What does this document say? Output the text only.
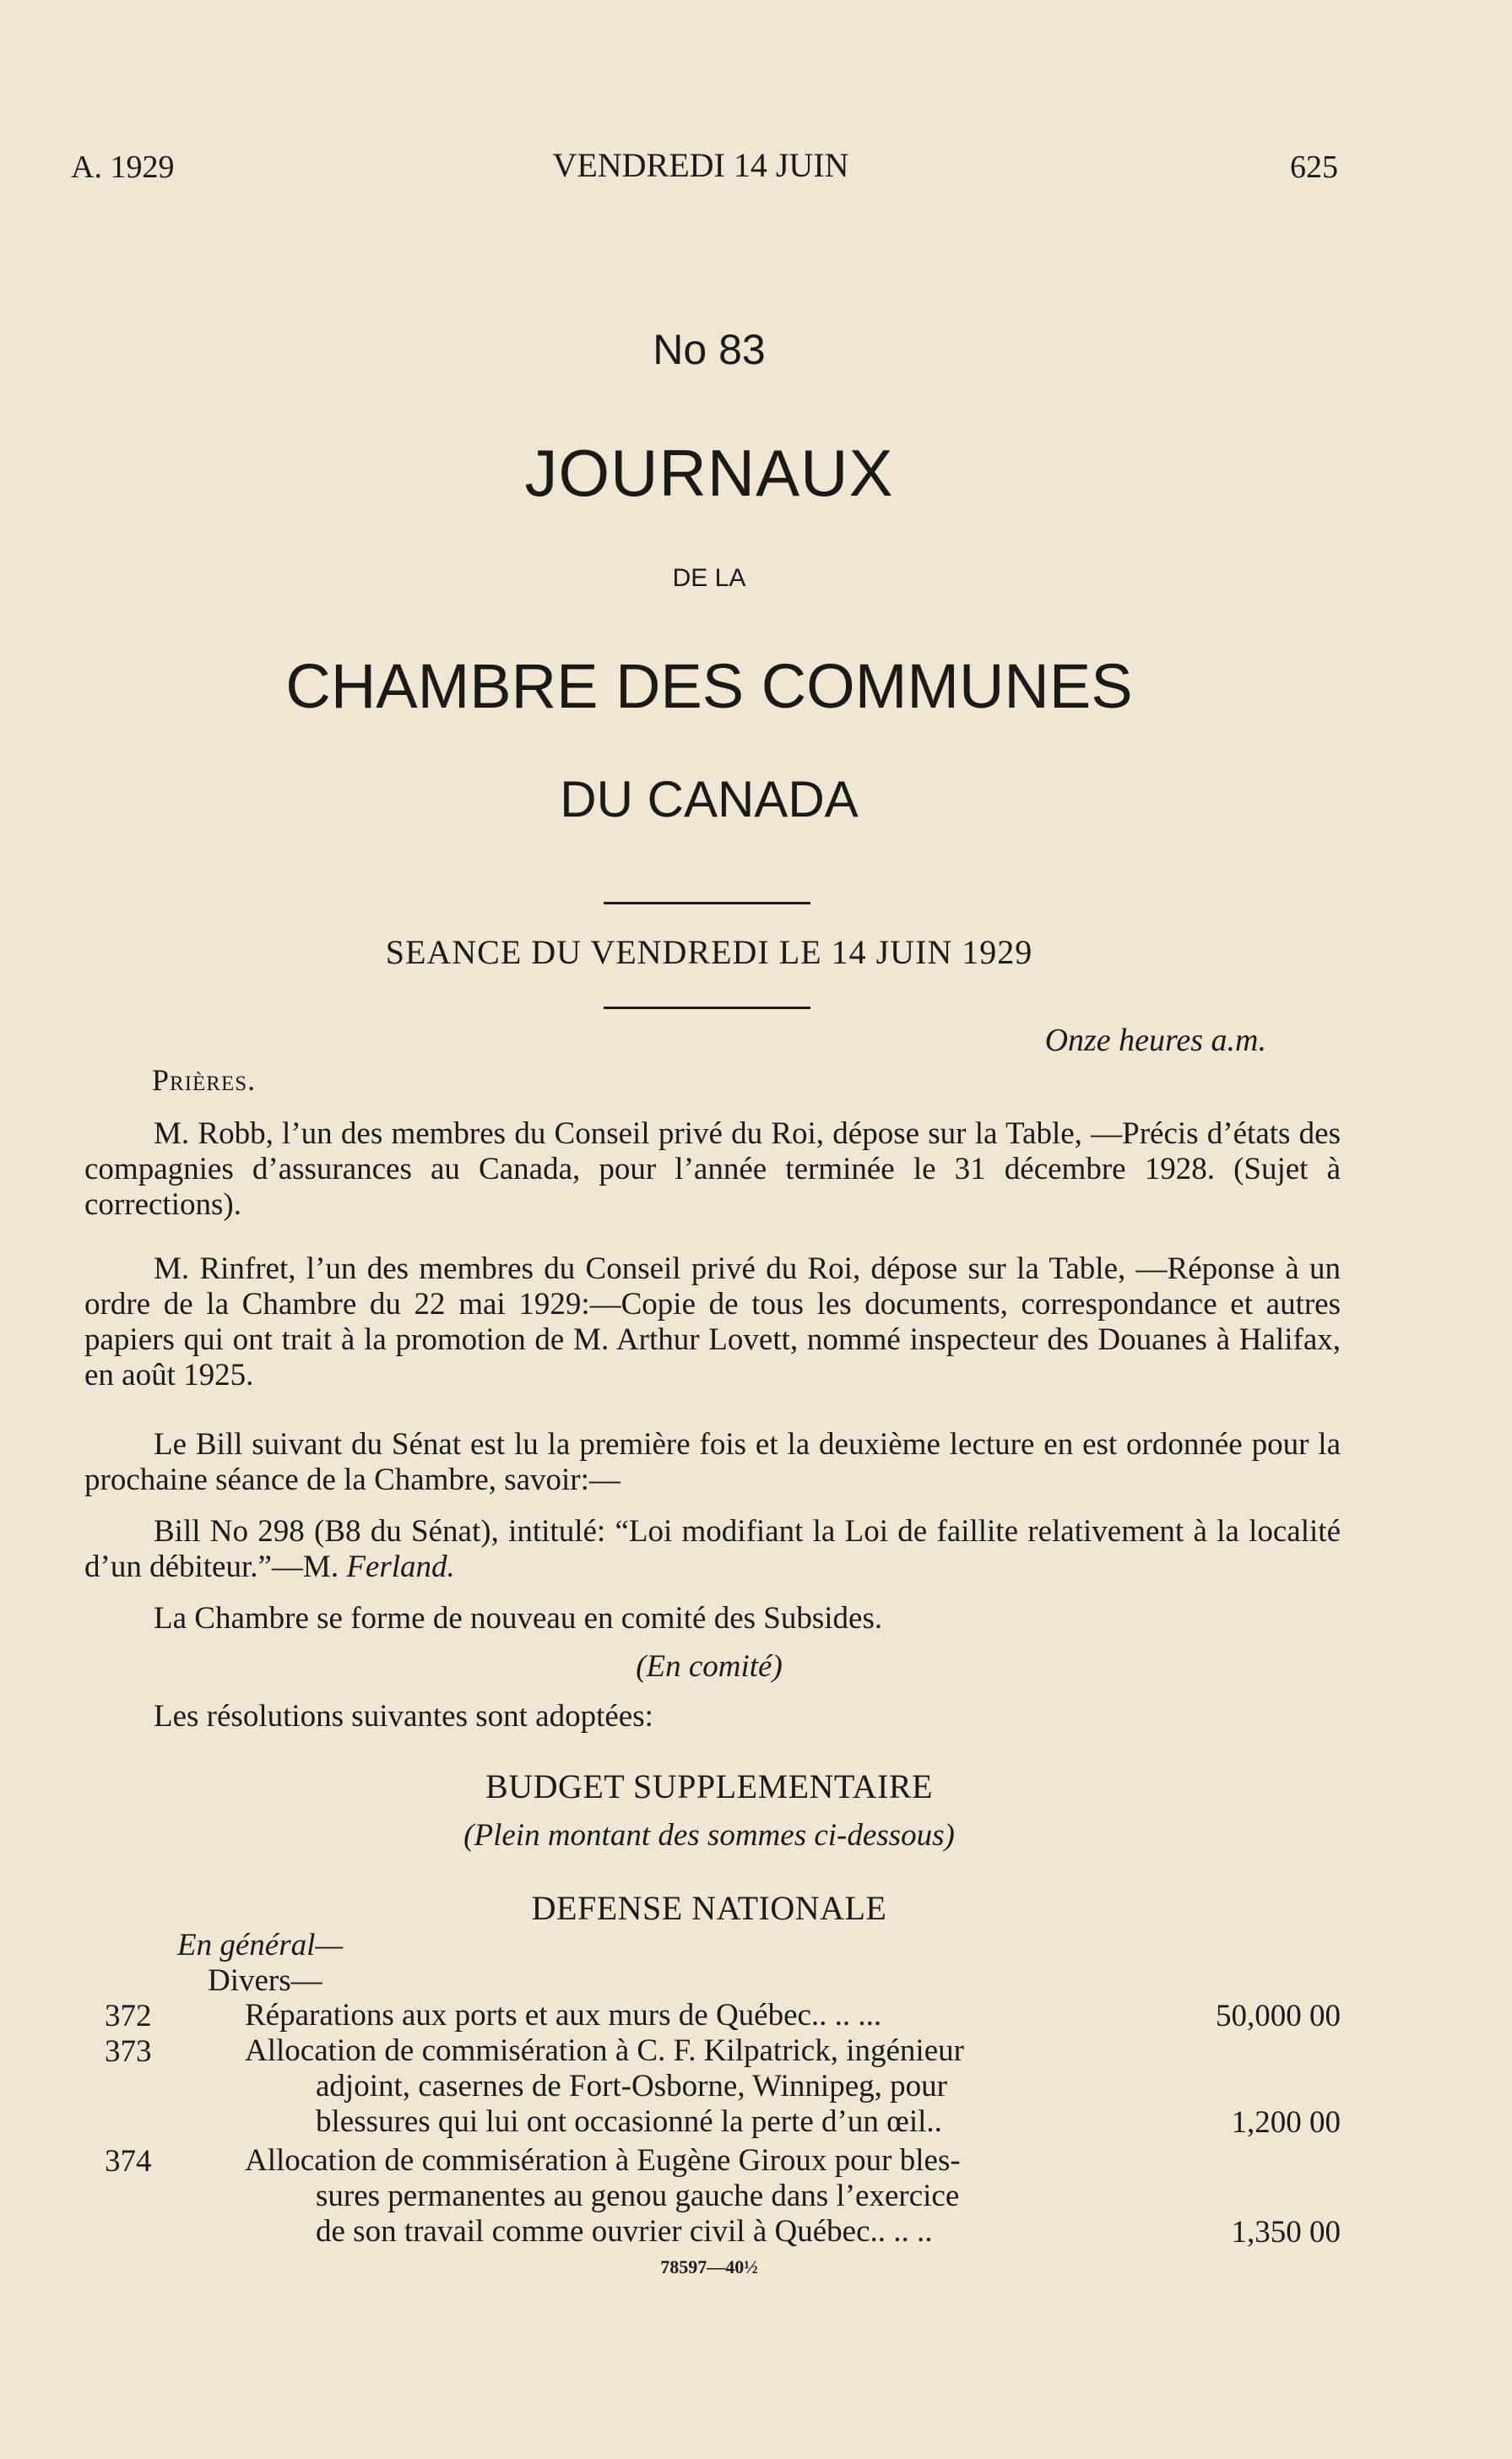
A. 1929	VENDREDI 14 JUIN	625
No 83
JOURNAUX
DE LA
CHAMBRE DES COMMUNES
DU CANADA
SEANCE DU VENDREDI LE 14 JUIN 1929
Onze heures a.m.
Prières.
M. Robb, l’un des membres du Conseil privé du Roi, dépose sur la Table, —Précis d’états des compagnies d’assurances au Canada, pour l’année terminée le 31 décembre 1928. (Sujet à corrections).
M. Rinfret, l’un des membres du Conseil privé du Roi, dépose sur la Table, —Réponse à un ordre de la Chambre du 22 mai 1929:—Copie de tous les documents, correspondance et autres papiers qui ont trait à la promotion de M. Arthur Lovett, nommé inspecteur des Douanes à Halifax, en août 1925.
Le Bill suivant du Sénat est lu la première fois et la deuxième lecture en est ordonnée pour la prochaine séance de la Chambre, savoir:—
Bill No 298 (B8 du Sénat), intitulé: “Loi modifiant la Loi de faillite relativement à la localité d’un débiteur.”—M. Ferland.
La Chambre se forme de nouveau en comité des Subsides.
(En comité)
Les résolutions suivantes sont adoptées:
BUDGET SUPPLEMENTAIRE
(Plein montant des sommes ci-dessous)
DEFENSE NATIONALE
En général—
Divers—
372	Réparations aux ports et aux murs de Québec.. .. ...	50,000 00
373	Allocation de commisération à C. F. Kilpatrick, ingénieur
adjoint, casernes de Fort-Osborne, Winnipeg, pour
blessures qui lui ont occasionné la perte d’un œil..	1,200 00
374	Allocation de commisération à Eugène Giroux pour bles-
sures permanentes au genou gauche dans l’exercice
de son travail comme ouvrier civil à Québec.. .. ..	1,350 00
78597—40½
